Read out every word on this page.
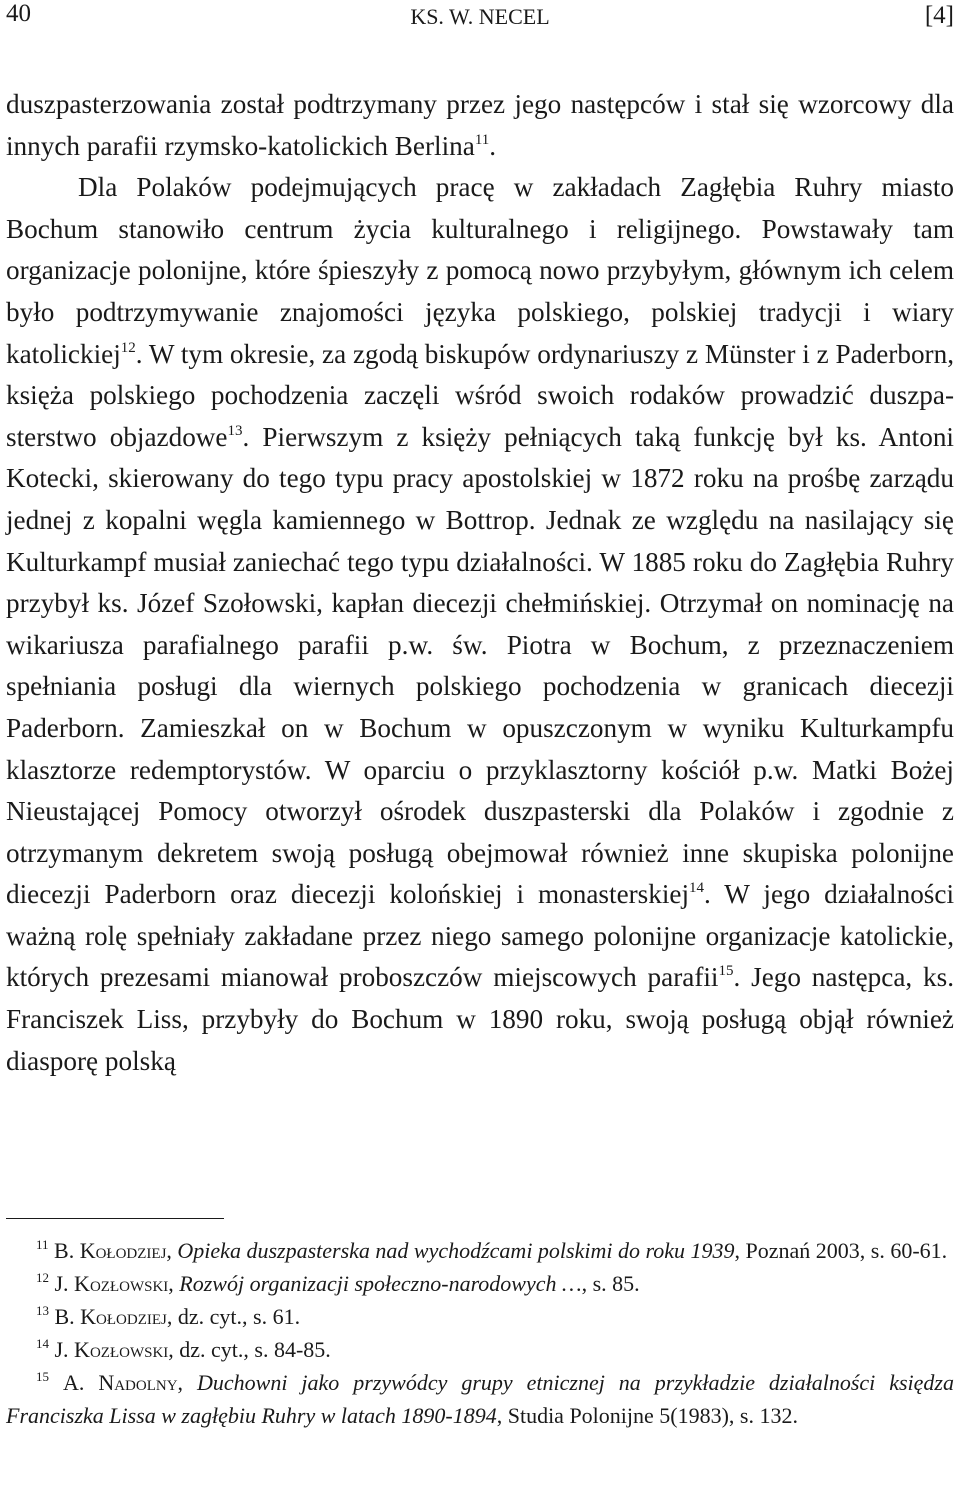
40	KS. W. NECEL	[4]

duszpasterzowania został podtrzymany przez jego następców i stał się wzorcowy dla innych parafii rzymsko-katolickich Berlina$^{11}$.

Dla Polaków podejmujących pracę w zakładach Zagłębia Ruhry miasto Bochum stanowiło centrum życia kulturalnego i religijnego. Powstawały tam organizacje polonijne, które śpieszyły z pomocą nowo przybyłym, głównym ich celem było podtrzymywanie znajomości języka polskiego, polskiej tradycji i wiary katolickiej$^{12}$. W tym okresie, za zgodą biskupów ordynariuszy z Münster i z Paderborn, księża polskiego pochodzenia zaczęli wśród swoich rodaków prowadzić duszpasterstwo objazdowe$^{13}$. Pierwszym z księży pełniących taką funkcję był ks. Antoni Kotecki, skierowany do tego typu pracy apostolskiej w 1872 roku na prośbę zarządu jednej z kopalni węgla kamiennego w Bottrop. Jednak ze względu na nasilający się Kulturkampf musiał zaniechać tego typu działalności. W 1885 roku do Zagłębia Ruhry przybył ks. Józef Szołowski, kapłan diecezji chełmińskiej. Otrzymał on nominację na wikariusza parafialnego parafii p.w. św. Piotra w Bochum, z przeznaczeniem spełniania posługi dla wiernych polskiego pochodzenia w granicach diecezji Paderborn. Zamieszkał on w Bochum w opuszczonym w wyniku Kulturkampfu klasztorze redemptorystów. W oparciu o przyklasztorny kościół p.w. Matki Bożej Nieustającej Pomocy otworzył ośrodek duszpasterski dla Polaków i zgodnie z otrzymanym dekretem swoją posługą obejmował również inne skupiska polonijne diecezji Paderborn oraz diecezji kolońskiej i monasterskiej$^{14}$. W jego działalności ważną rolę spełniały zakładane przez niego samego polonijne organizacje katolickie, których prezesami mianował proboszczów miejscowych parafii$^{15}$. Jego następca, ks. Franciszek Liss, przybyły do Bochum w 1890 roku, swoją posługą objął również diasporę polską

$^{11}$ B. Kołodziej, Opieka duszpasterska nad wychodźcami polskimi do roku 1939, Poznań 2003, s. 60-61.

$^{12}$ J. Kozłowski, Rozwój organizacji społeczno-narodowych …, s. 85.

$^{13}$ B. Kołodziej, dz. cyt., s. 61.

$^{14}$ J. Kozłowski, dz. cyt., s. 84-85.

$^{15}$ A. Nadolny, Duchowni jako przywódcy grupy etnicznej na przykładzie działalności księdza Franciszka Lissa w zagłębiu Ruhry w latach 1890-1894, Studia Polonijne 5(1983), s. 132.
